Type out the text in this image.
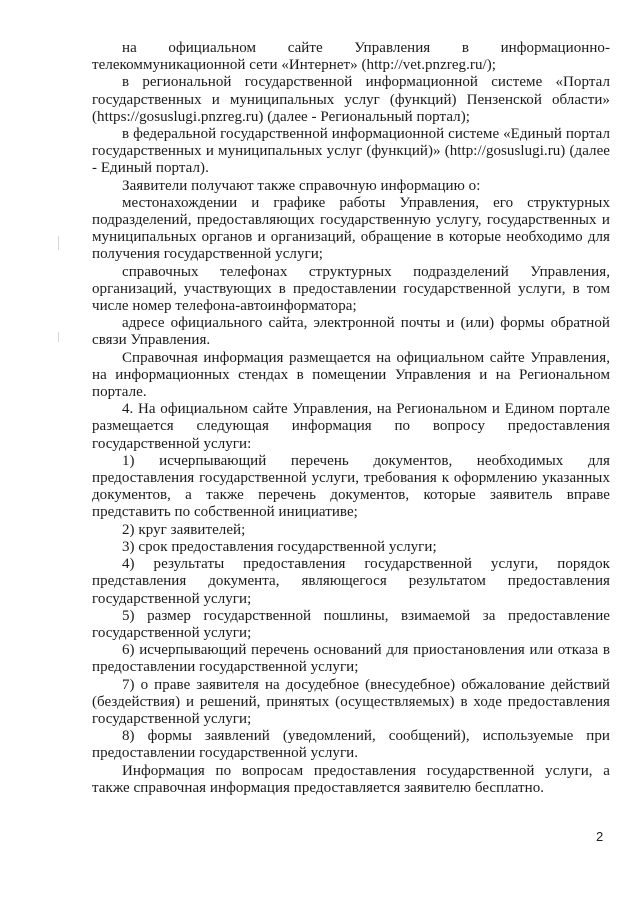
на официальном сайте Управления в информационно-телекоммуникационной сети «Интернет» (http://vet.pnzreg.ru/);

в региональной государственной информационной системе «Портал государственных и муниципальных услуг (функций) Пензенской области» (https://gosuslugi.pnzreg.ru) (далее - Региональный портал);

в федеральной государственной информационной системе «Единый портал государственных и муниципальных услуг (функций)» (http://gosuslugi.ru) (далее - Единый портал).

Заявители получают также справочную информацию о:

местонахождении и графике работы Управления, его структурных подразделений, предоставляющих государственную услугу, государственных и муниципальных органов и организаций, обращение в которые необходимо для получения государственной услуги;

справочных телефонах структурных подразделений Управления, организаций, участвующих в предоставлении государственной услуги, в том числе номер телефона-автоинформатора;

адресе официального сайта, электронной почты и (или) формы обратной связи Управления.

Справочная информация размещается на официальном сайте Управления, на информационных стендах в помещении Управления и на Региональном портале.

4. На официальном сайте Управления, на Региональном и Едином портале размещается следующая информация по вопросу предоставления государственной услуги:

1) исчерпывающий перечень документов, необходимых для предоставления государственной услуги, требования к оформлению указанных документов, а также перечень документов, которые заявитель вправе представить по собственной инициативе;

2) круг заявителей;

3) срок предоставления государственной услуги;

4) результаты предоставления государственной услуги, порядок представления документа, являющегося результатом предоставления государственной услуги;

5) размер государственной пошлины, взимаемой за предоставление государственной услуги;

6) исчерпывающий перечень оснований для приостановления или отказа в предоставлении государственной услуги;

7) о праве заявителя на досудебное (внесудебное) обжалование действий (бездействия) и решений, принятых (осуществляемых) в ходе предоставления государственной услуги;

8) формы заявлений (уведомлений, сообщений), используемые при предоставлении государственной услуги.

Информация по вопросам предоставления государственной услуги, а также справочная информация предоставляется заявителю бесплатно.

2
